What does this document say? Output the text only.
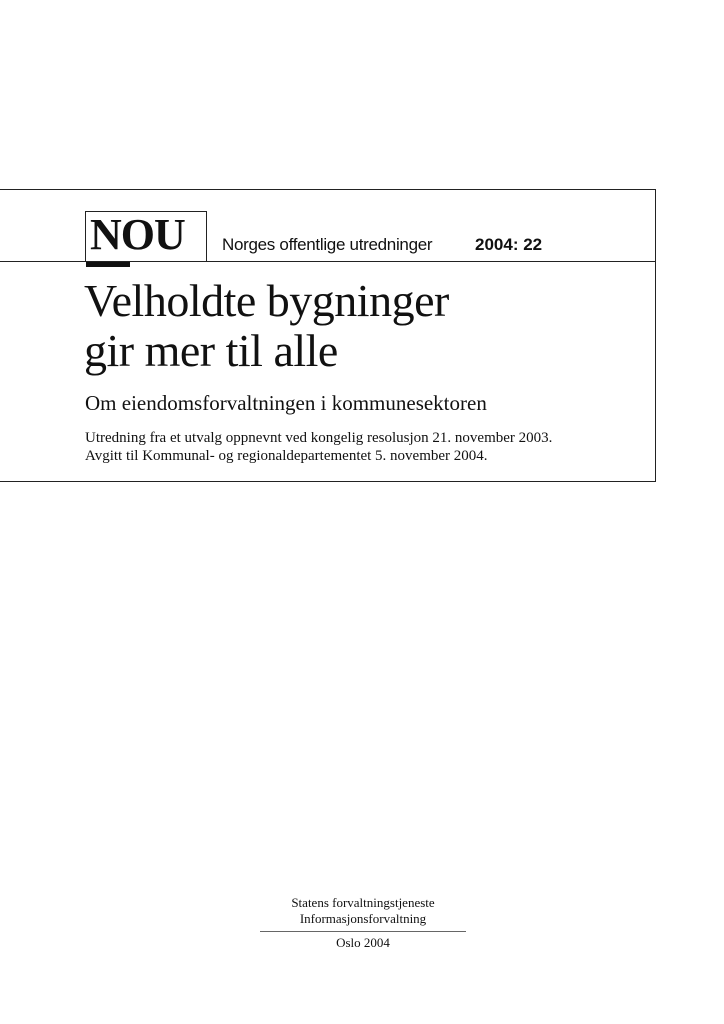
NOU Norges offentlige utredninger	2004: 22
Velholdte bygninger
gir mer til alle
Om eiendomsforvaltningen i kommunesektoren
Utredning fra et utvalg oppnevnt ved kongelig resolusjon 21. november 2003.
Avgitt til Kommunal- og regionaldepartementet 5. november 2004.
Statens forvaltningstjeneste
Informasjonsforvaltning
Oslo 2004
